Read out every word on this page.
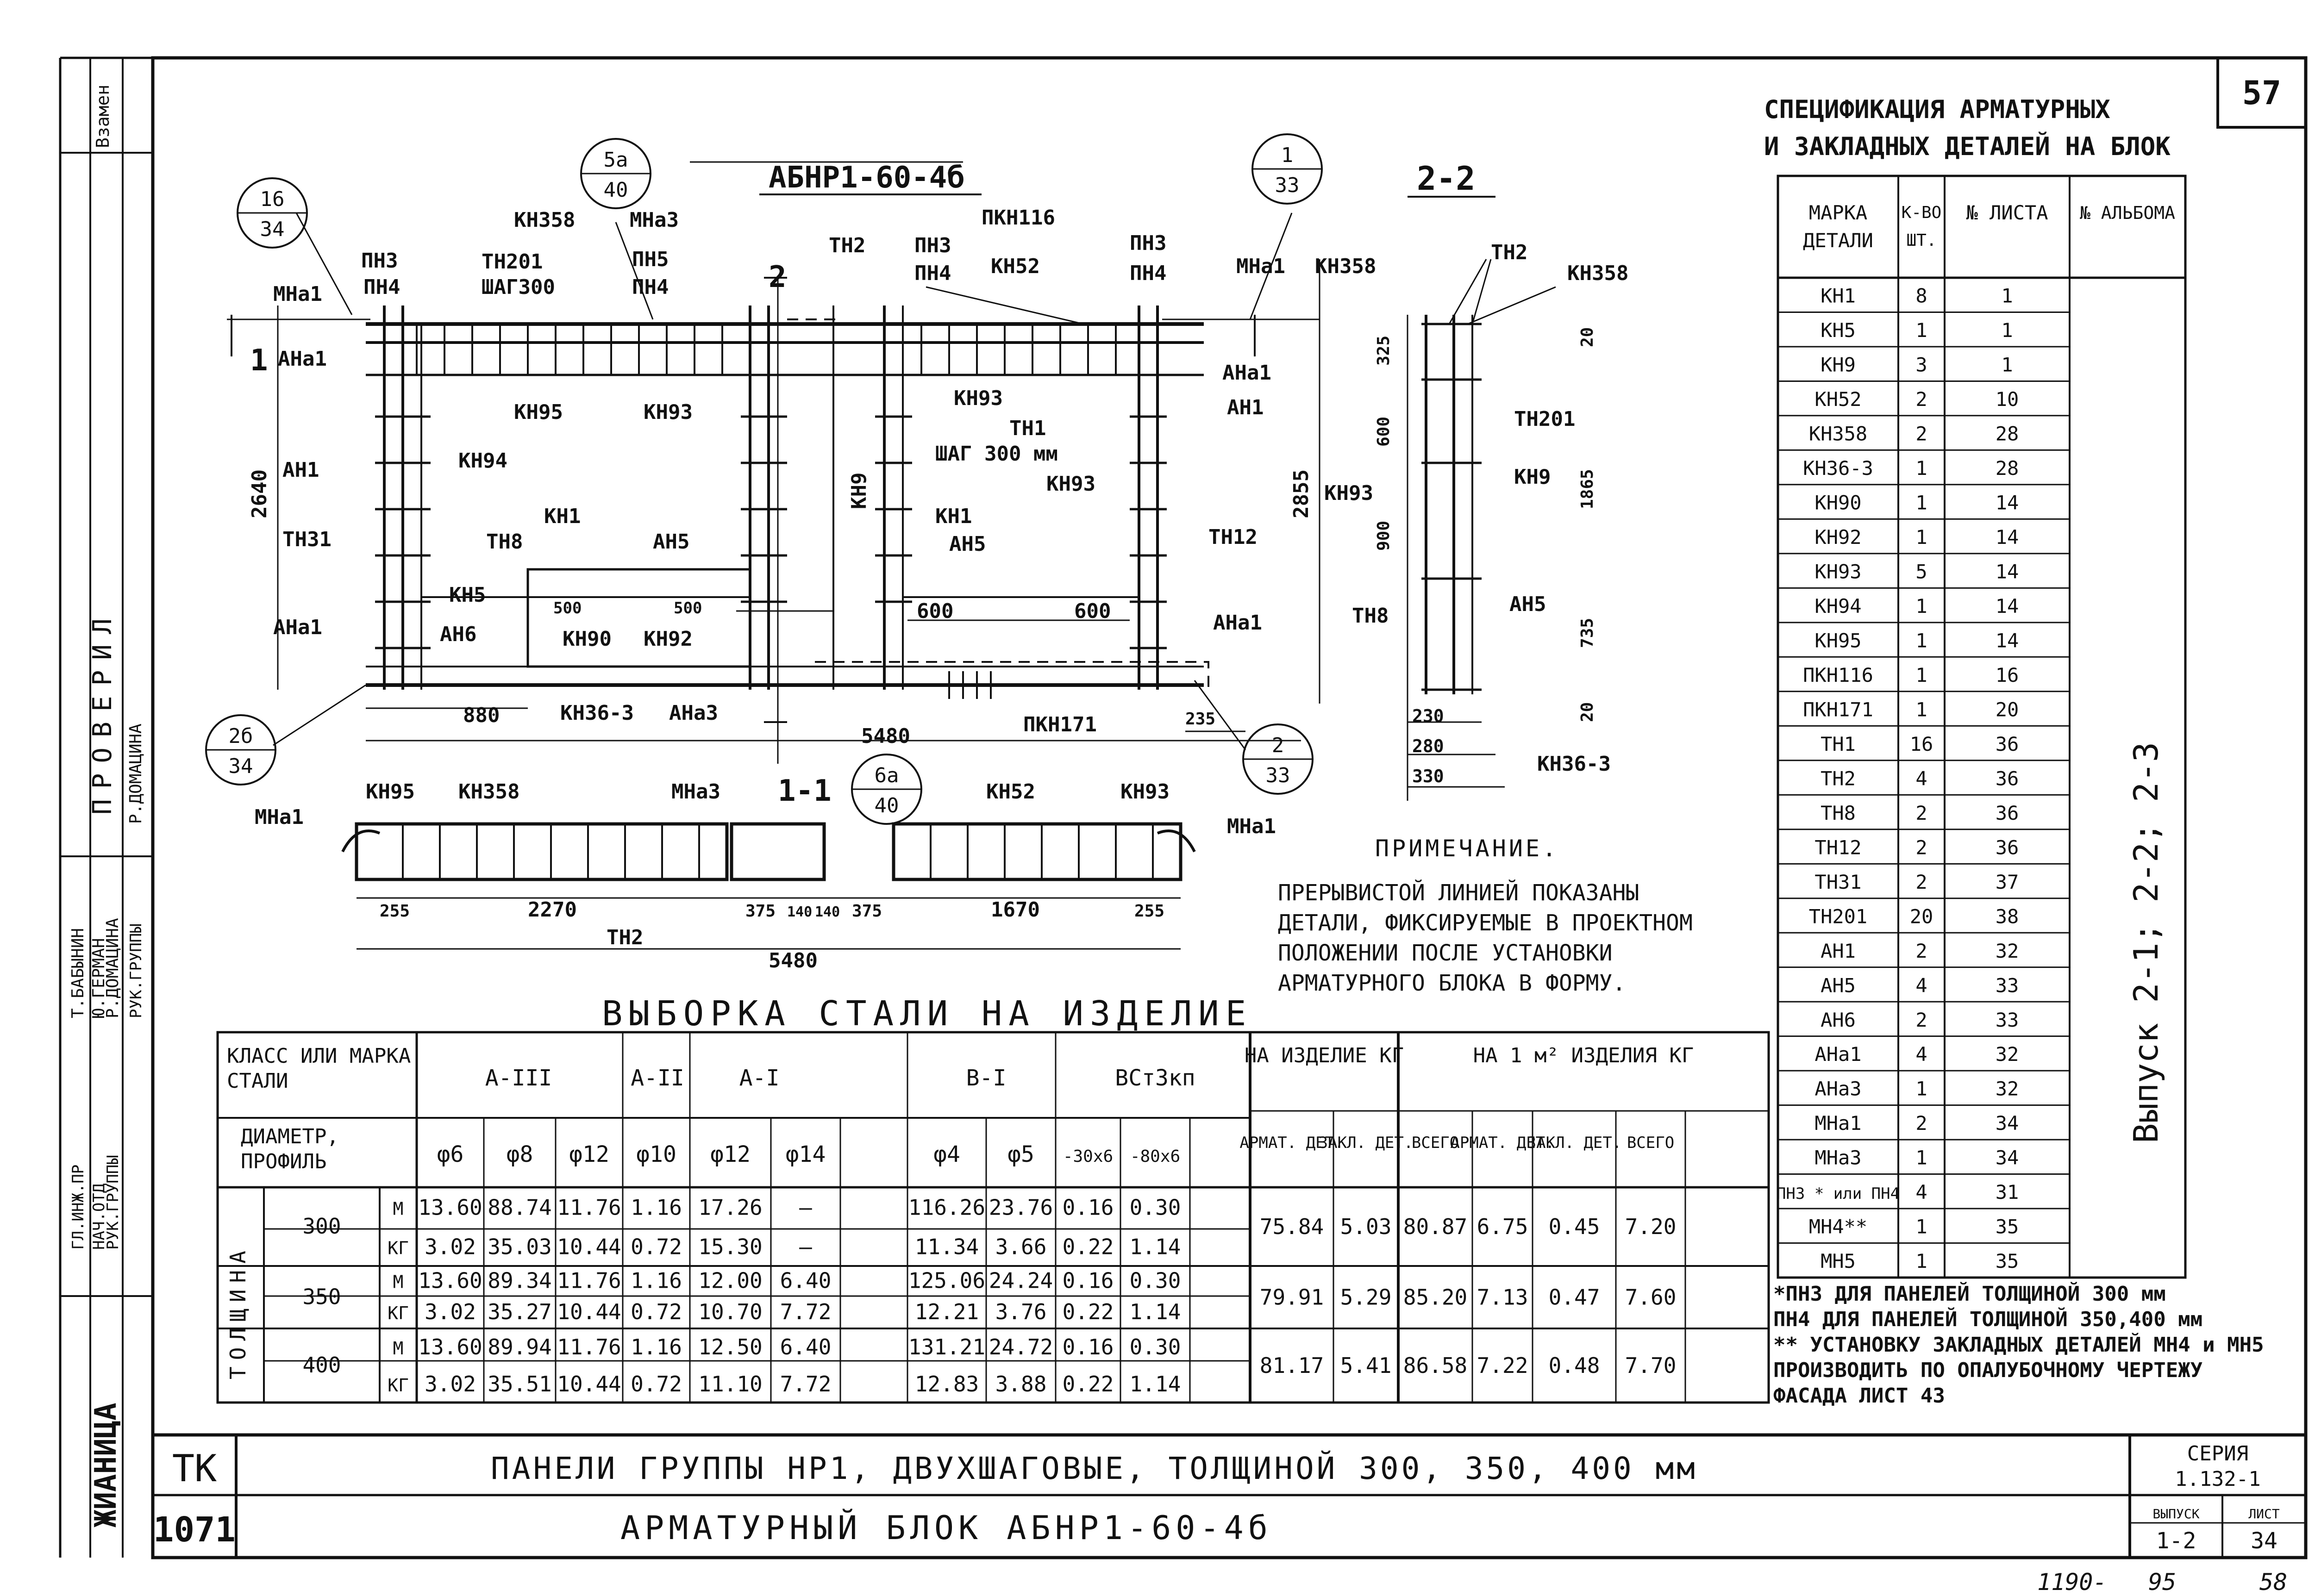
57
Взамен
ПРОВЕРИЛ
Т.БАБЫНИН Ю.ГЕРМАН
Р.ДОМАЦИНА
Р.ДОМАЦИНА
ГЛ.ИНЖ.ПР НАЧ.ОТД
РУК.ГРУППЫ
РУК.ГРУППЫ
ЖИАНИЦА
16
34
5а
40
1
33
2б
34
2
33
6а
40
АБНР1-60-4б	2-2
ПН3
ПН4
МНа1
АНа1
КН358
ТН201
ШАГ300
МНа3
ПН5
ПН4
ТН2 ПН3
ПН4
ПКН116
КН52
ПН3
ПН4	МНа1 КН358
ТН2
КН358
АН1
КН95	КН93
КН94
КН1
ТН31	ТН8	АН5
КН5
500	500
АН6	КН90 КН92
АНа1
880	КН36-3 АНа3
5480
КН93
ТН1
ШАГ 300 мм
КН93
КН9
КН1
АН5
600	600
ТН12
АНа1
АНа1
АН1
ПКН171	235
ТН201
КН9
КН93
ТН8	АН5
КН36-3
2
1
2640	2855
325
600
900
1865
735
20
20
230
280
330
МНа1
КН95 КН358	МНа3	КН52	КН93
МНа1
255	2270	375 140 140 375	1670	255
ТН2
5480
1-1
ПРИМЕЧАНИЕ.
ПРЕРЫВИСТОЙ ЛИНИЕЙ ПОКАЗАНЫ
ДЕТАЛИ, ФИКСИРУЕМЫЕ В ПРОЕКТНОМ
ПОЛОЖЕНИИ ПОСЛЕ УСТАНОВКИ
АРМАТУРНОГО БЛОКА В ФОРМУ.
СПЕЦИФИКАЦИЯ АРМАТУРНЫХ
И ЗАКЛАДНЫХ ДЕТАЛЕЙ НА БЛОК
МАРКА ДЕТАЛИ
К-ВО ШТ.
№ ЛИСТА	№ АЛЬБОМА
Выпуск 2-1; 2-2; 2-3
КН1	8	1
КН5	1	1
КН9	3	1
КН52	2	10
КН358 2	28
КН36-3 1	28
КН90	1	14
КН92	1	14
КН93	5	14
КН94	1	14
КН95	1	14
ПКН116 1	16
ПКН171 1	20
ТН1	16	36
ТН2	4	36
ТН8	2	36
ТН12	2	36
ТН31	2	37
ТН201 20	38
АН1	2	32
АН5	4	33
АН6	2	33
АНа1	4	32
АНа3	1	32
МНа1	2	34
МНа3	1	34
ПН3 * или ПН4 4	31
МН4** 1	35
МН5	1	35
*ПН3 ДЛЯ ПАНЕЛЕЙ ТОЛЩИНОЙ 300 мм
ПН4 ДЛЯ ПАНЕЛЕЙ ТОЛЩИНОЙ 350,400 мм
** УСТАНОВКУ ЗАКЛАДНЫХ ДЕТАЛЕЙ МН4 и МН5
ПРОИЗВОДИТЬ ПО ОПАЛУБОЧНОМУ ЧЕРТЕЖУ
ФАСАДА ЛИСТ 43
ВЫБОРКА СТАЛИ НА ИЗДЕЛИЕ
КЛАСС ИЛИ МАРКА СТАЛИ
ДИАМЕТР, ПРОФИЛЬ
ТОЛЩИНА
А-III	А-II А-I	В-I	ВСт3кп
φ6 φ8 φ12 φ10 φ12 φ14	φ4 φ5 -30x6 -80x6
НА ИЗДЕЛИЕ КГ	НА 1 м² ИЗДЕЛИЯ КГ
АРМАТ. ДЕТ.
ЗАКЛ. ДЕТ.
ВСЕГО
АРМАТ. ДЕТ.
ЗАКЛ. ДЕТ. ВСЕГО
300
М 13.60 88.74 11.76 1.16 17.26 —	116.26 23.76 0.16 0.30
КГ 3.02 35.03 10.44 0.72 15.30 —	11.34 3.66 0.22 1.14
75.84 5.03 80.87 6.75 0.45 7.20
350
М 13.60 89.34 11.76 1.16 12.00 6.40	125.06 24.24 0.16 0.30
КГ 3.02 35.27 10.44 0.72 10.70 7.72	12.21 3.76 0.22 1.14
79.91 5.29 85.20 7.13 0.47 7.60
400
М 13.60 89.94 11.76 1.16 12.50 6.40	131.21 24.72 0.16 0.30
КГ 3.02 35.51 10.44 0.72 11.10 7.72	12.83 3.88 0.22 1.14
81.17 5.41 86.58 7.22 0.48 7.70
ТК
1071
ПАНЕЛИ ГРУППЫ НР1, ДВУХШАГОВЫЕ, ТОЛЩИНОЙ 300, 350, 400 мм
АРМАТУРНЫЙ БЛОК АБНР1-60-4б
СЕРИЯ
1.132-1
ВЫПУСК
1-2
ЛИСТ
34
1190- 95	58
